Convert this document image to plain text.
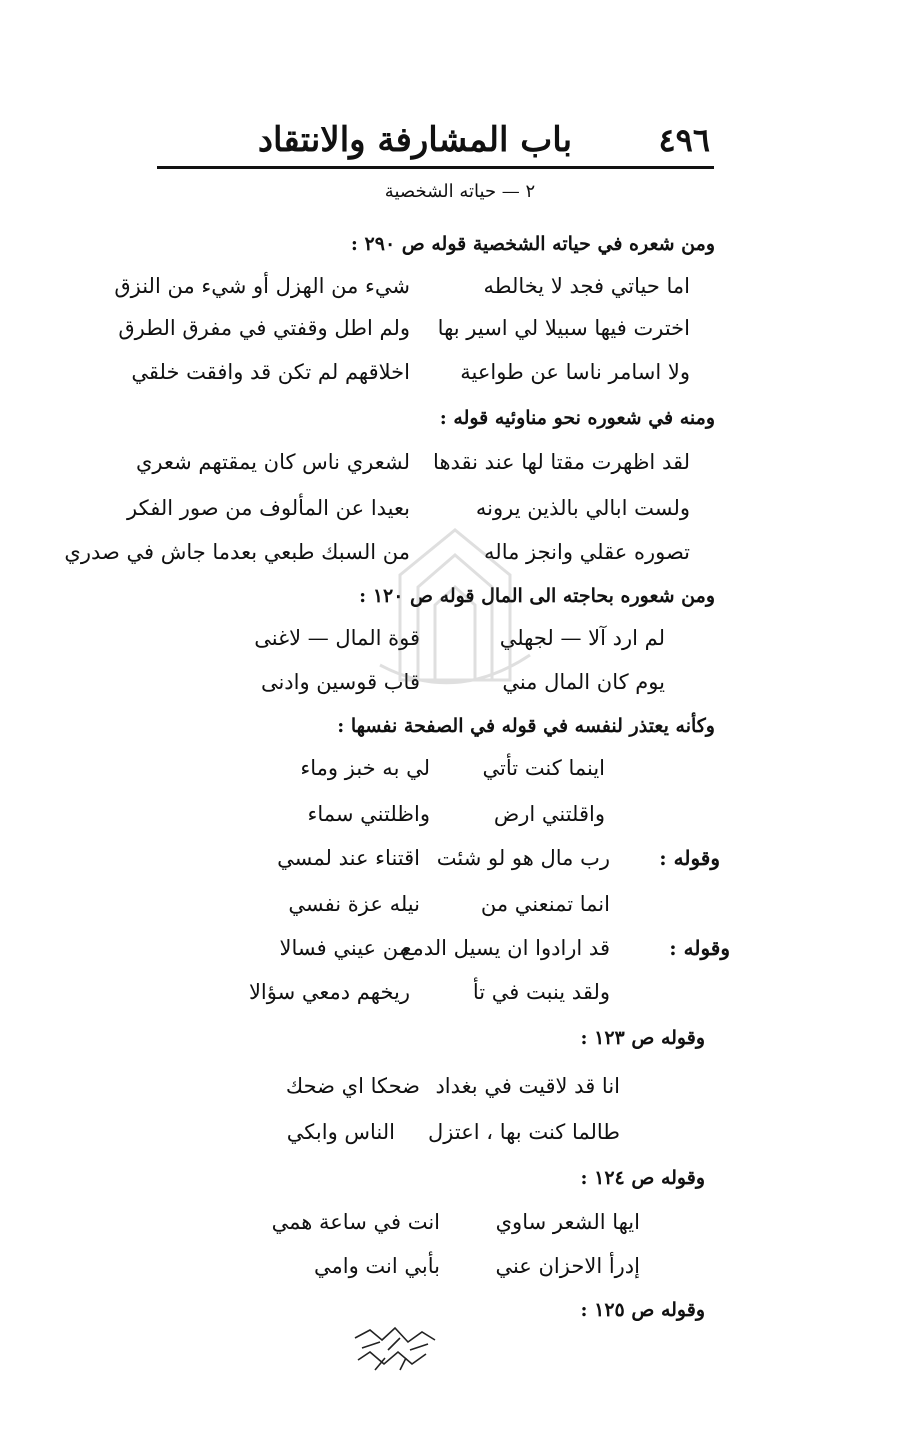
باب المشارفة والانتقاد	٤٩٦
٢ — حياته الشخصية
ومن شعره في حياته الشخصية قوله ص ٢٩٠ :
اما حياتي فجد لا يخالطه
شيء من الهزل أو شيء من النزق
اخترت فيها سبيلا لي اسير بها
ولم اطل وقفتي في مفرق الطرق
ولا اسامر ناسا عن طواعية
اخلاقهم لم تكن قد وافقت خلقي
ومنه في شعوره نحو مناوئيه قوله :
لقد اظهرت مقتا لها عند نقدها
لشعري ناس كان يمقتهم شعري
ولست ابالي بالذين يرونه
بعيدا عن المألوف من صور الفكر
تصوره عقلي وانجز ماله
من السبك طبعي بعدما جاش في صدري
ومن شعوره بحاجته الى المال قوله ص ١٢٠ :
لم ارد آلا — لجهلي
قوة المال — لاغنى
يوم كان المال مني
قاب قوسين وادنى
وكأنه يعتذر لنفسه في قوله في الصفحة نفسها :
اينما كنت تأتي
لي به خبز وماء
واقلتني ارض
واظلتني سماء
وقوله :
رب مال هو لو شئت
اقتناء عند لمسي
انما تمنعني من
نيله عزة نفسي
وقوله :
قد ارادوا ان يسيل الدمع
من عيني فسالا
ولقد ينبت في تأ
ريخهم دمعي سؤالا
وقوله ص ١٢٣ :
انا قد لاقيت في بغداد
ضحكا اي ضحك
طالما كنت بها ، اعتزل
الناس وابكي
وقوله ص ١٢٤ :
ايها الشعر ساوي
انت في ساعة همي
إدرأ الاحزان عني
بأبي انت وامي
وقوله ص ١٢٥ :
